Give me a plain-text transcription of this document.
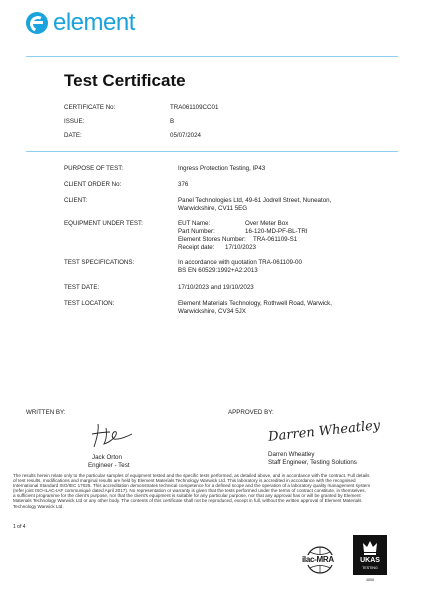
element
Test Certificate
CERTIFICATE No:	TRA061109CC01
ISSUE:	B
DATE:	05/07/2024
PURPOSE OF TEST:	Ingress Protection Testing, IP43
CLIENT ORDER No:	376
CLIENT:	Panel Technologies Ltd, 49-61 Jodrell Street, Nuneaton,
Warwickshire, CV11 5EG
EQUIPMENT UNDER TEST:	EUT Name:	Over Meter Box
Part Number:	16-120-MD-PF-BL-TRI
Element Stores Number: TRA-061109-S1
Receipt date: 17/10/2023
TEST SPECIFICATIONS:	In accordance with quotation TRA-061109-00
BS EN 60529:1992+A2:2013
TEST DATE:	17/10/2023 and 19/10/2023
TEST LOCATION:	Element Materials Technology, Rothwell Road, Warwick,
Warwickshire, CV34 5JX
WRITTEN BY:	APPROVED BY:
Darren Wheatley
Jack Orton
Engineer - Test
Darren Wheatley
Staff Engineer, Testing Solutions
The results herein relate only to the particular samples of equipment tested and the specific tests performed, as detailed above, and in accordance with the contract. Full details
of test results, modifications and marginal results are held by Element Materials Technology Warwick Ltd. This laboratory is accredited in accordance with the recognised
International Standard ISO/IEC 17025. This accreditation demonstrates technical competence for a defined scope and the operation of a laboratory quality management system
(refer joint ISO-ILAC-IAF communiqué dated April 2017). No representation or warranty is given that the tests performed under the terms of contract constitute, in themselves,
a sufficient programme for the client's purpose, nor that the client's equipment is suitable for any particular purpose, nor that any approval has or will be granted by Element
Materials Technology Warwick Ltd or any other body. The contents of this certificate shall not be reproduced, except in full, without the written approval of Element Materials
Technology Warwick Ltd.
1 of 4
ilac-MRA	UKAS
TESTING
4858
